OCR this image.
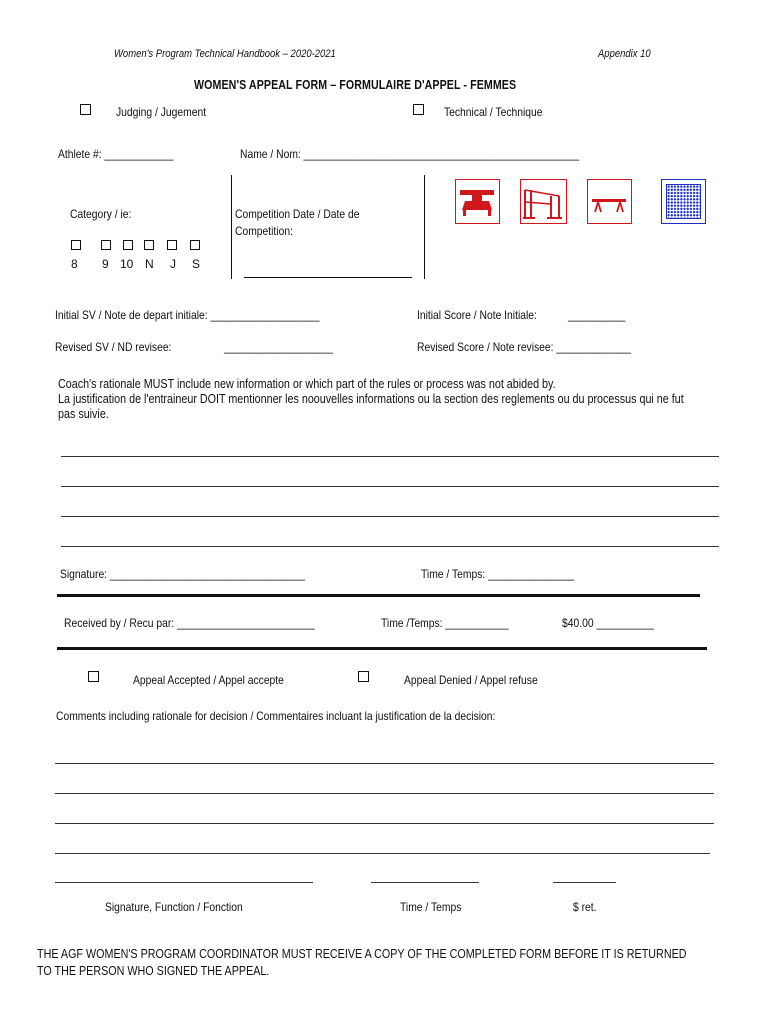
Women's Program Technical Handbook – 2020-2021	Appendix 10
WOMEN'S APPEAL FORM – FORMULAIRE D'APPEL - FEMMES
Judging / Jugement	Technical / Technique
Athlete #: ____________	Name / Nom: ________________________________________________
Category / ie:
8 9 10 N J S
Competition Date / Date de
Competition:
Initial SV / Note de depart initiale: ___________________	Initial Score / Note Initiale:	__________
Revised SV / ND revisee:	___________________	Revised Score / Note revisee: _____________
Coach's rationale MUST include new information or which part of the rules or process was not abided by.
La justification de l'entraineur DOIT mentionner les noouvelles informations ou la section des reglements ou du processus qui ne fut
pas suivie.
Signature: __________________________________	Time / Temps: _______________
Received by / Recu par: ________________________	Time /Temps: ___________	$40.00 __________
Appeal Accepted / Appel accepte	Appeal Denied / Appel refuse
Comments including rationale for decision / Commentaires incluant la justification de la decision:
Signature, Function / Fonction	Time / Temps	$ ret.
THE AGF WOMEN'S PROGRAM COORDINATOR MUST RECEIVE A COPY OF THE COMPLETED FORM BEFORE IT IS RETURNED
TO THE PERSON WHO SIGNED THE APPEAL.
